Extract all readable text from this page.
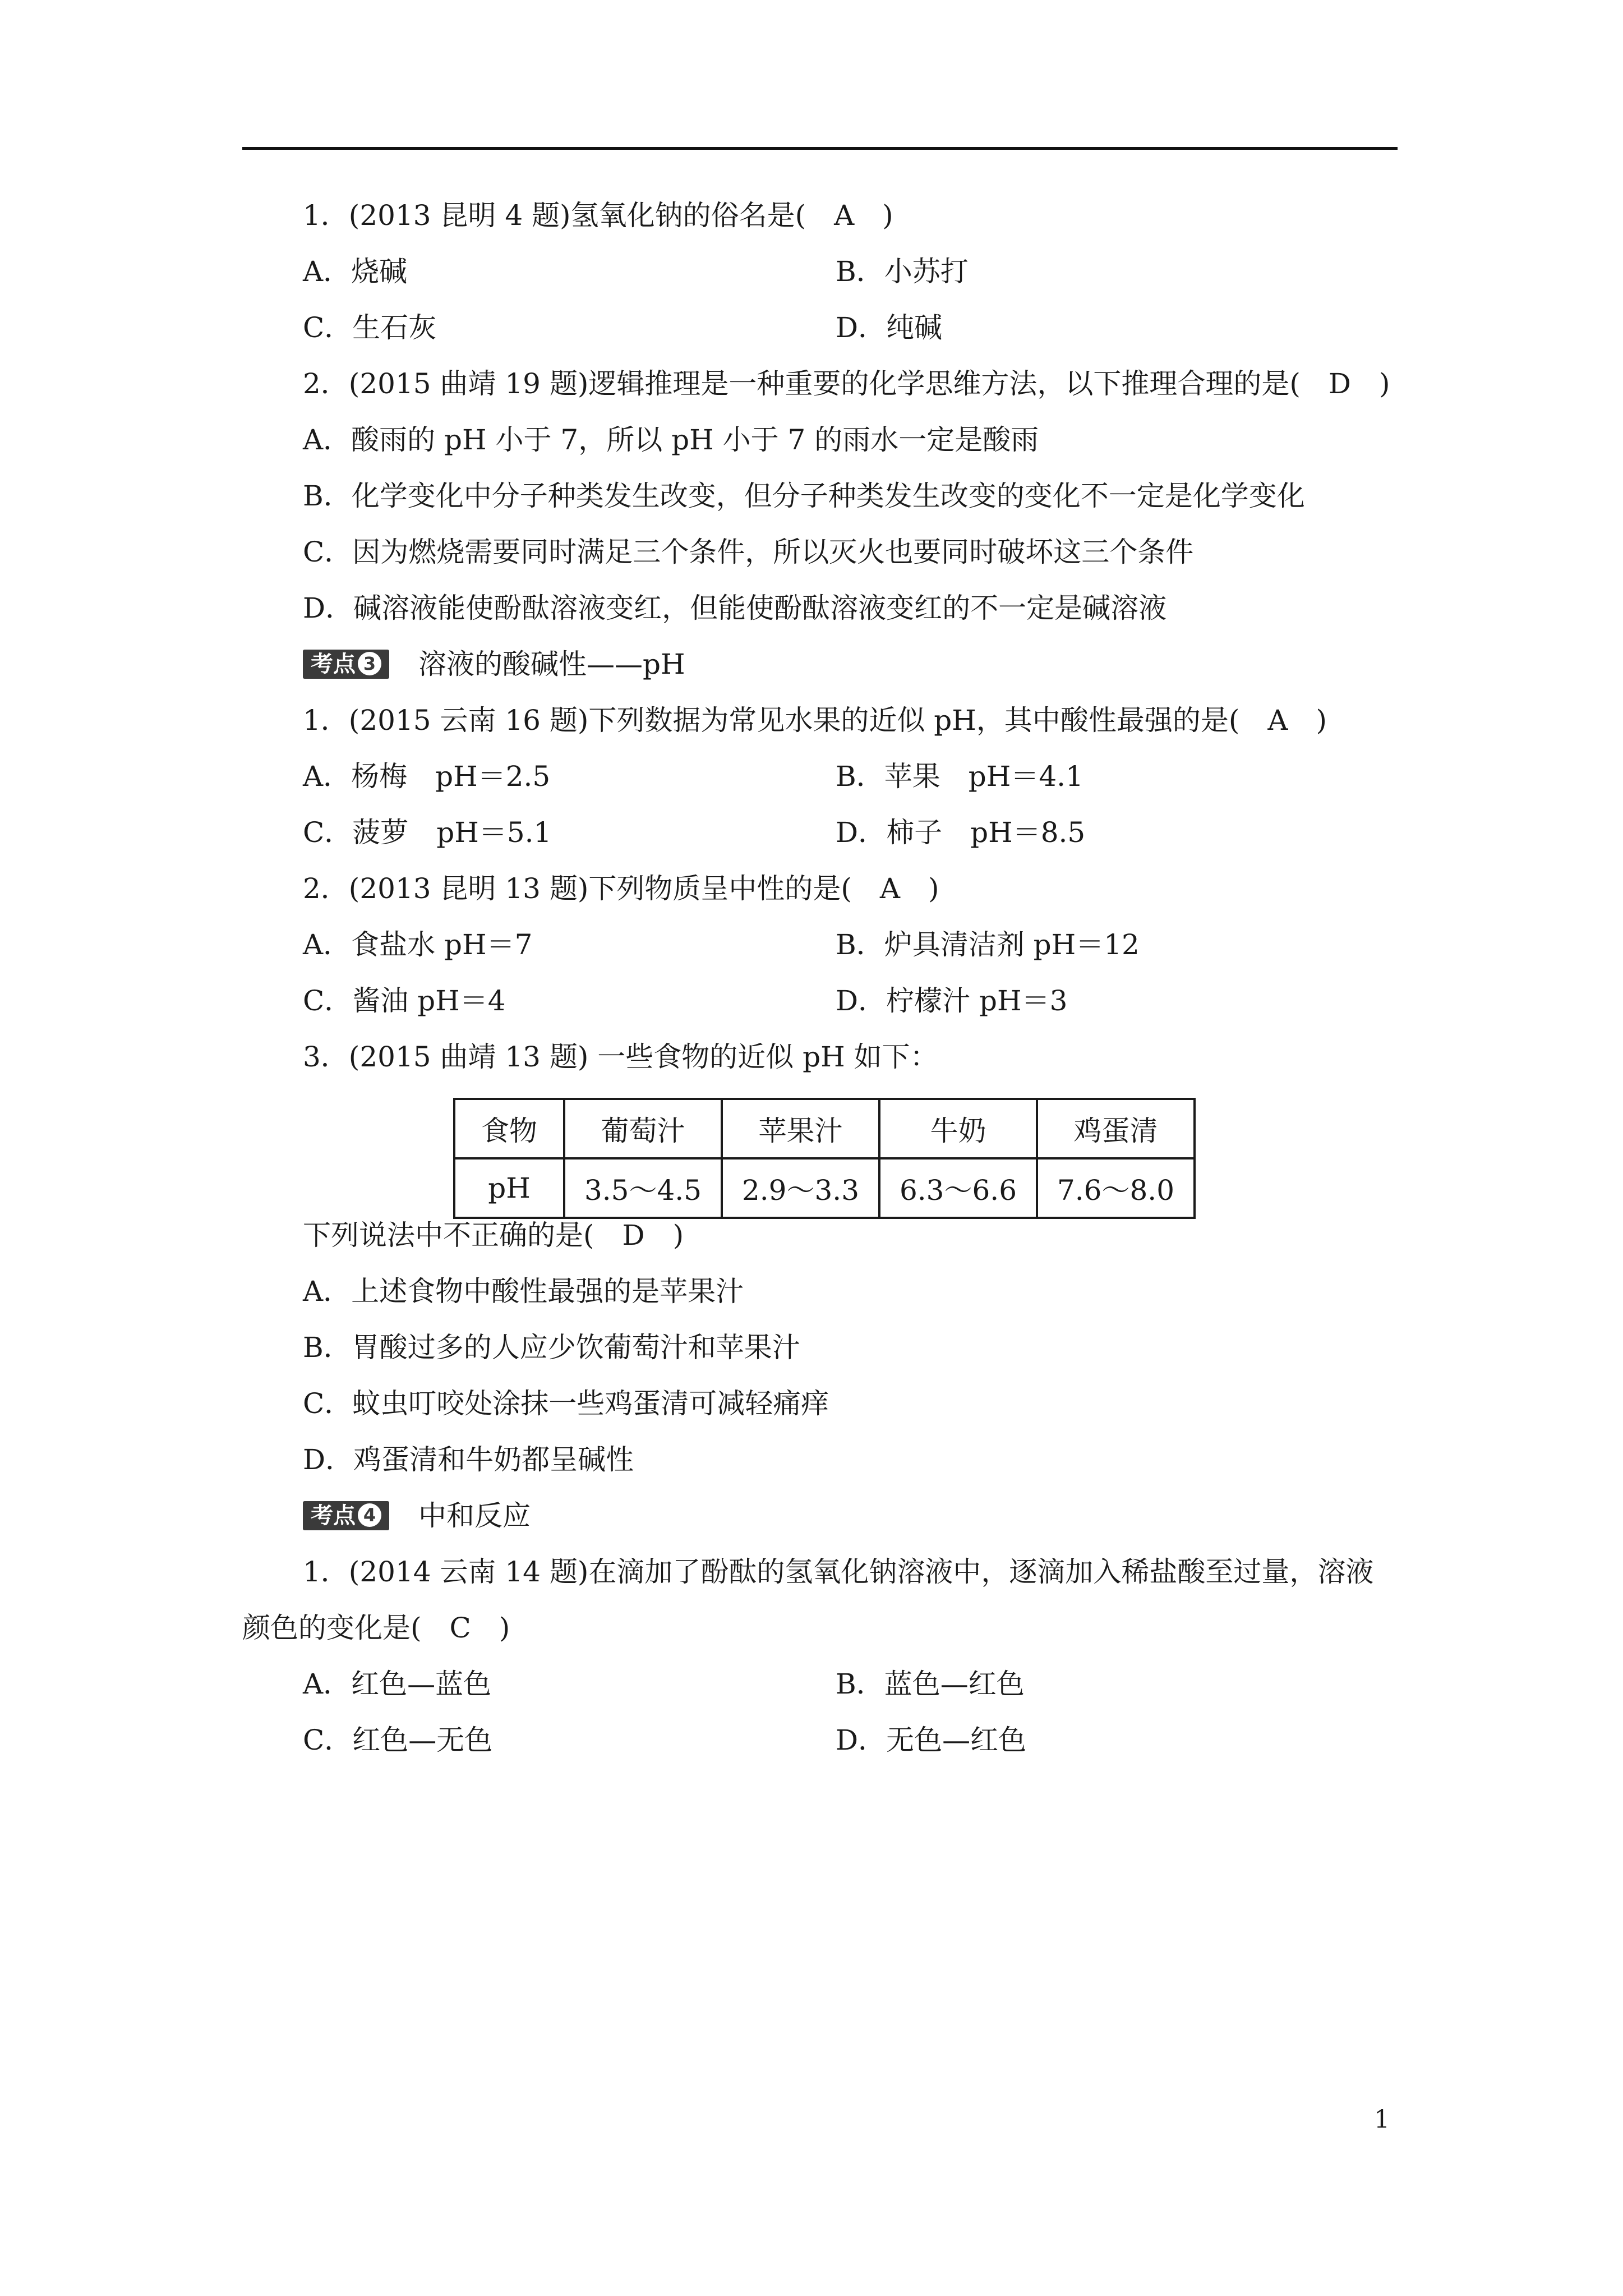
1．(2013 昆明 4 题)氢氧化钠的俗名是(　A　)
A．烧碱	B．小苏打
C．生石灰	D．纯碱
2．(2015 曲靖 19 题)逻辑推理是一种重要的化学思维方法，以下推理合理的是(　D　)
A．酸雨的 pH 小于 7，所以 pH 小于 7 的雨水一定是酸雨
B．化学变化中分子种类发生改变，但分子种类发生改变的变化不一定是化学变化
C．因为燃烧需要同时满足三个条件，所以灭火也要同时破坏这三个条件
D．碱溶液能使酚酞溶液变红，但能使酚酞溶液变红的不一定是碱溶液
考点 3	溶液的酸碱性——pH
1．(2015 云南 16 题)下列数据为常见水果的近似 pH，其中酸性最强的是(　A　)
A．杨梅　pH＝2.5	B．苹果　pH＝4.1
C．菠萝　pH＝5.1	D．柿子　pH＝8.5
2．(2013 昆明 13 题)下列物质呈中性的是(　A　)
A．食盐水 pH＝7	B．炉具清洁剂 pH＝12
C．酱油 pH＝4	D．柠檬汁 pH＝3
3．(2015 曲靖 13 题) 一些食物的近似 pH 如下：
食物	葡萄汁	苹果汁	牛奶	鸡蛋清
pH	3.5～4.5	2.9～3.3	6.3～6.6	7.6～8.0
下列说法中不正确的是(　D　)
A．上述食物中酸性最强的是苹果汁
B．胃酸过多的人应少饮葡萄汁和苹果汁
C．蚊虫叮咬处涂抹一些鸡蛋清可减轻痛痒
D．鸡蛋清和牛奶都呈碱性
考点 4	中和反应
1．(2014 云南 14 题)在滴加了酚酞的氢氧化钠溶液中，逐滴加入稀盐酸至过量，溶液
颜色的变化是(　C　)
A．红色—蓝色	B．蓝色—红色
C．红色—无色	D．无色—红色
1
